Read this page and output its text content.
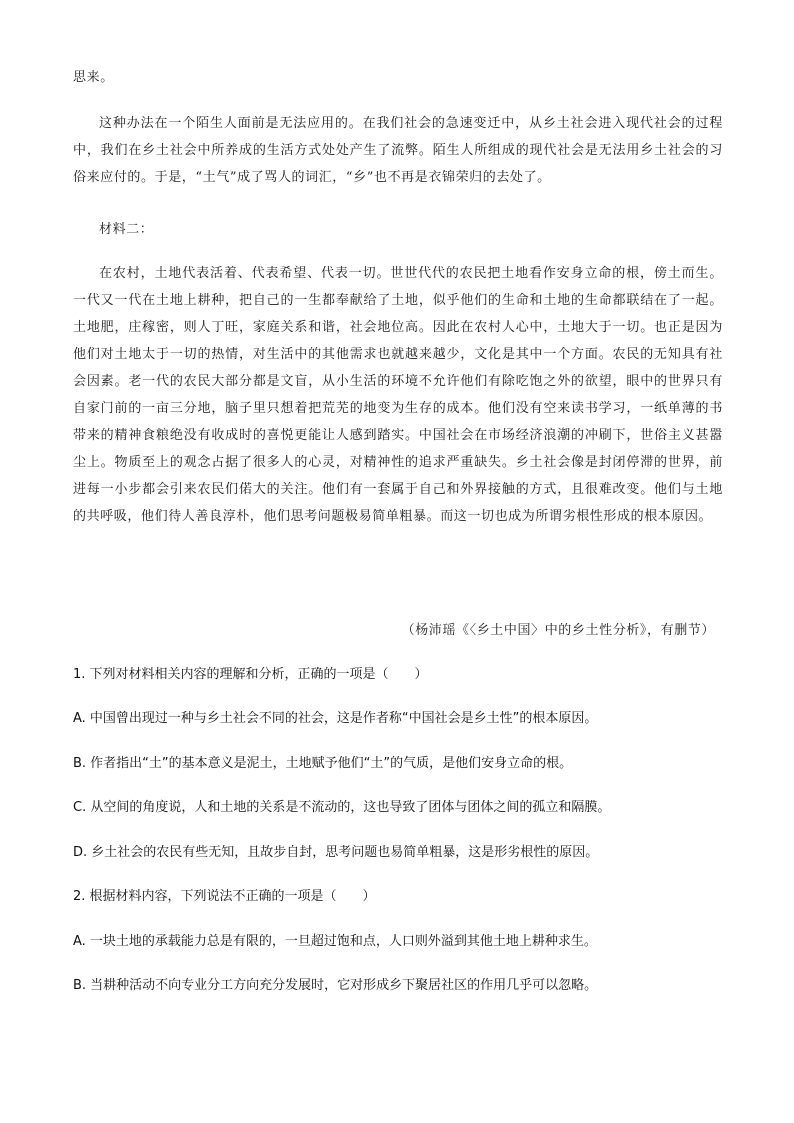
思来。
这种办法在一个陌生人面前是无法应用的。在我们社会的急速变迁中，从乡土社会进入现代社会的过程中，我们在乡土社会中所养成的生活方式处处产生了流弊。陌生人所组成的现代社会是无法用乡土社会的习俗来应付的。于是，“土气”成了骂人的词汇，“乡”也不再是衣锦荣归的去处了。
材料二：
在农村，土地代表活着、代表希望、代表一切。世世代代的农民把土地看作安身立命的根，傍土而生。一代又一代在土地上耕种，把自己的一生都奉献给了土地，似乎他们的生命和土地的生命都联结在了一起。土地肥，庄稼密，则人丁旺，家庭关系和谐，社会地位高。因此在农村人心中，土地大于一切。也正是因为他们对土地太于一切的热情，对生活中的其他需求也就越来越少，文化是其中一个方面。农民的无知具有社会因素。老一代的农民大部分都是文盲，从小生活的环境不允许他们有除吃饱之外的欲望，眼中的世界只有自家门前的一亩三分地，脑子里只想着把荒芜的地变为生存的成本。他们没有空来读书学习，一纸单薄的书带来的精神食粮绝没有收成时的喜悦更能让人感到踏实。中国社会在市场经济浪潮的冲刷下，世俗主义甚嚣尘上。物质至上的观念占据了很多人的心灵，对精神性的追求严重缺失。乡土社会像是封闭停滞的世界，前进每一小步都会引来农民们偌大的关注。他们有一套属于自己和外界接触的方式，且很难改变。他们与土地的共呼吸，他们待人善良淳朴，他们思考问题极易简单粗暴。而这一切也成为所谓劣根性形成的根本原因。
（杨沛瑶《〈乡土中国〉中的乡土性分析》，有删节）
1. 下列对材料相关内容的理解和分析，正确的一项是（　　）
A. 中国曾出现过一种与乡土社会不同的社会，这是作者称“中国社会是乡土性”的根本原因。
B. 作者指出“土”的基本意义是泥土，土地赋予他们“土”的气质，是他们安身立命的根。
C. 从空间的角度说，人和土地的关系是不流动的，这也导致了团体与团体之间的孤立和隔膜。
D. 乡土社会的农民有些无知，且故步自封，思考问题也易简单粗暴，这是形劣根性的原因。
2. 根据材料内容，下列说法不正确的一项是（　　）
A. 一块土地的承载能力总是有限的，一旦超过饱和点，人口则外溢到其他土地上耕种求生。
B. 当耕种活动不向专业分工方向充分发展时，它对形成乡下聚居社区的作用几乎可以忽略。
